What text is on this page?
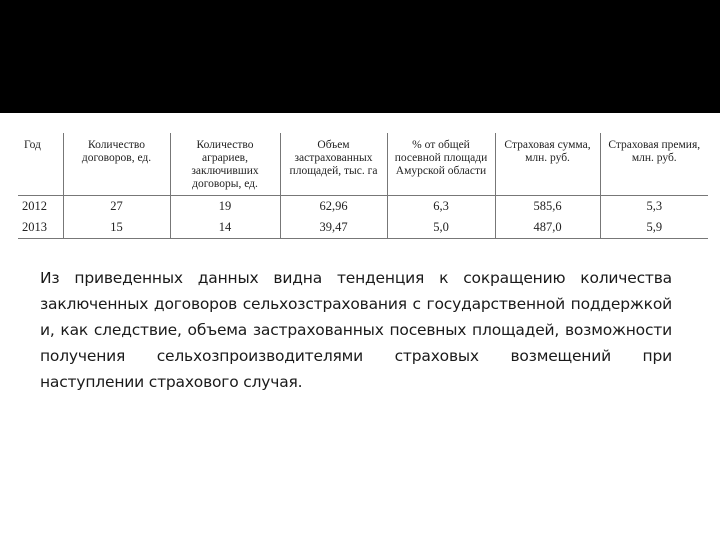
Год	Количество договоров, ед.	Количество аграриев, заключивших договоры, ед.	Объем застрахованных площадей, тыс. га	% от общей посевной площади Амурской области	Страховая сумма, млн. руб.	Страховая премия, млн. руб.
2012	27	19	62,96	6,3	585,6	5,3
2013	15	14	39,47	5,0	487,0	5,9

Из приведенных данных видна тенденция к сокращению количества заключенных договоров сельхозстрахования с государственной поддержкой и, как следствие, объема застрахованных посевных площадей, возможности получения сельхозпроизводителями страховых возмещений при наступлении страхового случая.
